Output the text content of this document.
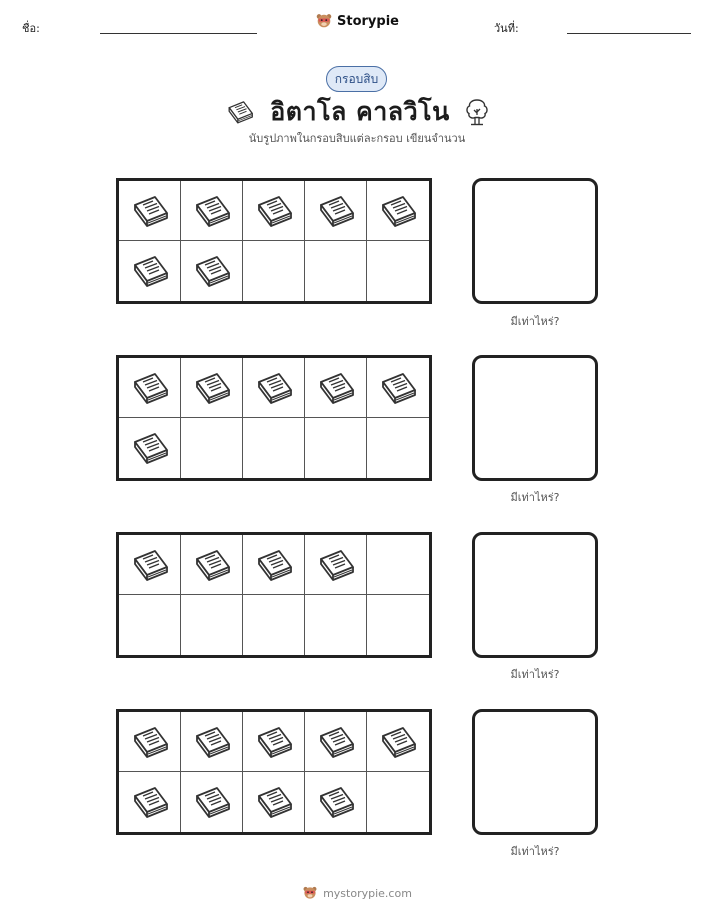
ชื่อ:	วันที่:
Storypie
กรอบสิบ
อิตาโล คาลวิโน
นับรูปภาพในกรอบสิบแต่ละกรอบ เขียนจำนวน
มีเท่าไหร่?
มีเท่าไหร่?
มีเท่าไหร่?
มีเท่าไหร่?
mystorypie.com
